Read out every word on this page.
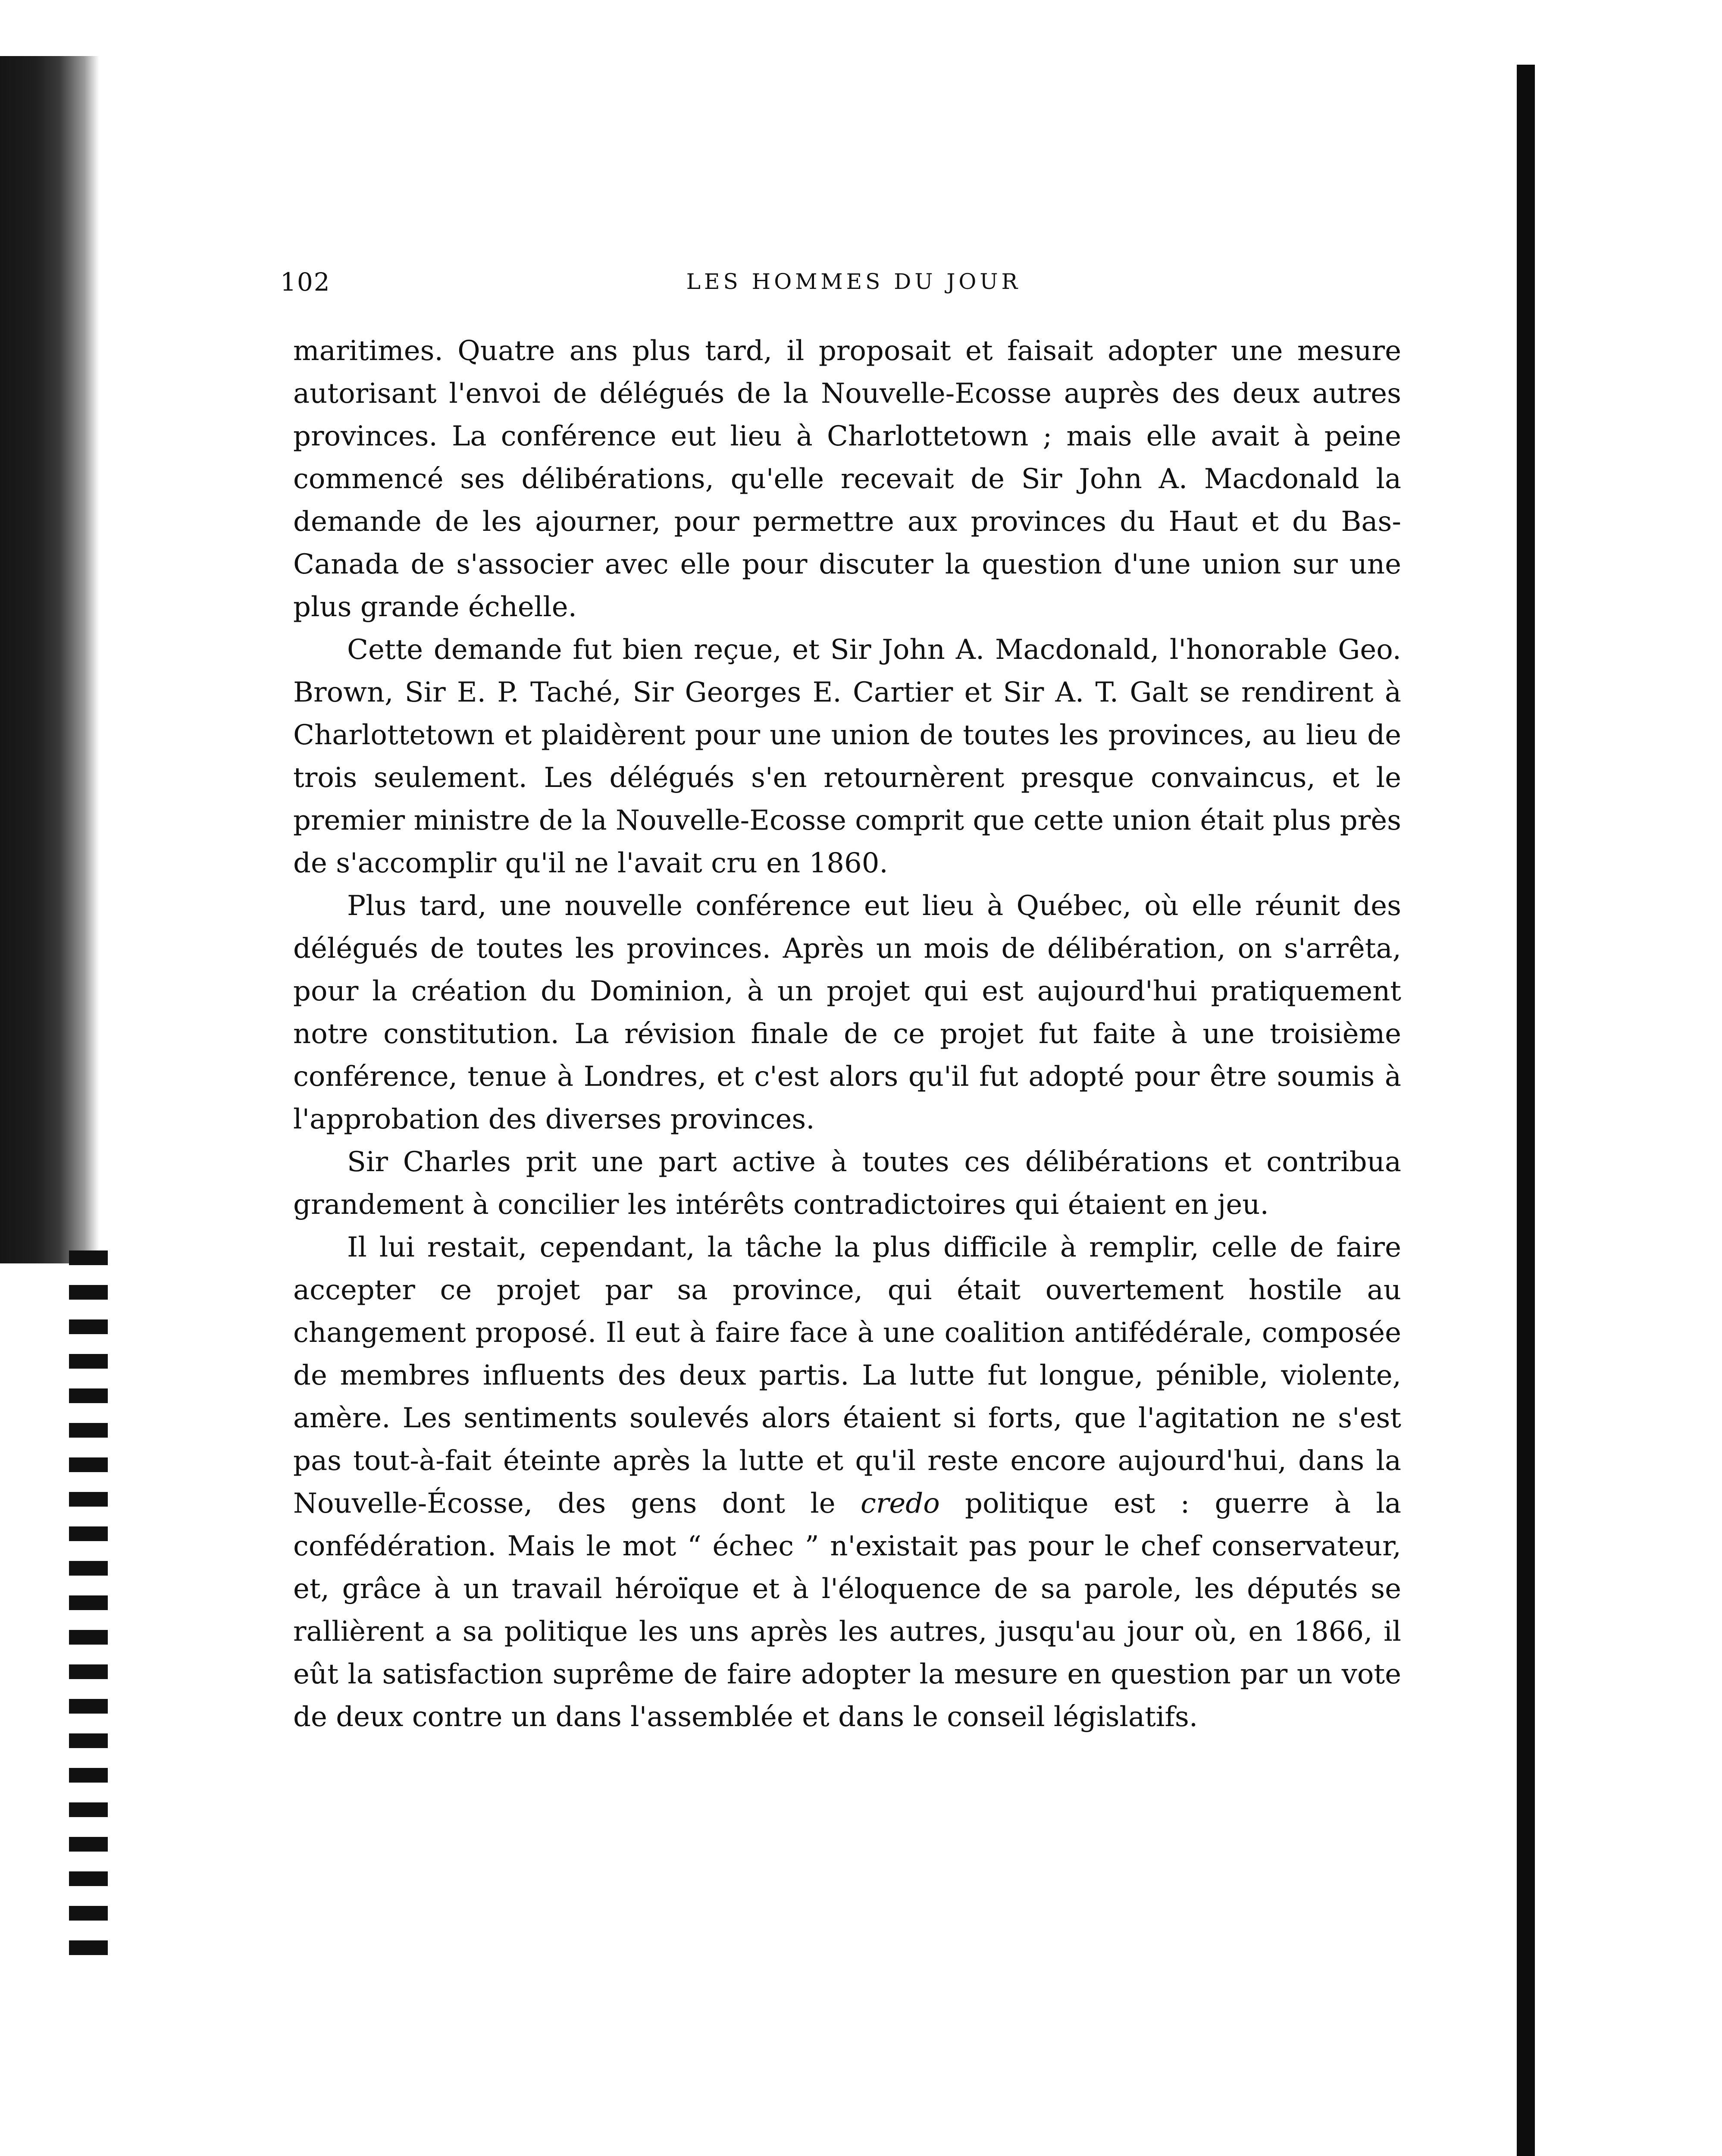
102	LES HOMMES DU JOUR

maritimes. Quatre ans plus tard, il proposait et faisait adopter une mesure autorisant l'envoi de délégués de la Nouvelle-Ecosse auprès des deux autres provinces. La conférence eut lieu à Charlottetown ; mais elle avait à peine commencé ses délibérations, qu'elle recevait de Sir John A. Macdonald la demande de les ajourner, pour permettre aux provinces du Haut et du Bas-Canada de s'associer avec elle pour discuter la question d'une union sur une plus grande échelle.

Cette demande fut bien reçue, et Sir John A. Macdonald, l'honorable Geo. Brown, Sir E. P. Taché, Sir Georges E. Cartier et Sir A. T. Galt se rendirent à Charlottetown et plaidèrent pour une union de toutes les provinces, au lieu de trois seulement. Les délégués s'en retournèrent presque convaincus, et le premier ministre de la Nouvelle-Ecosse comprit que cette union était plus près de s'accomplir qu'il ne l'avait cru en 1860.

Plus tard, une nouvelle conférence eut lieu à Québec, où elle réunit des délégués de toutes les provinces. Après un mois de délibération, on s'arrêta, pour la création du Dominion, à un projet qui est aujourd'hui pratiquement notre constitution. La révision finale de ce projet fut faite à une troisième conférence, tenue à Londres, et c'est alors qu'il fut adopté pour être soumis à l'approbation des diverses provinces.

Sir Charles prit une part active à toutes ces délibérations et contribua grandement à concilier les intérêts contradictoires qui étaient en jeu.

Il lui restait, cependant, la tâche la plus difficile à remplir, celle de faire accepter ce projet par sa province, qui était ouvertement hostile au changement proposé. Il eut à faire face à une coalition antifédérale, composée de membres influents des deux partis. La lutte fut longue, pénible, violente, amère. Les sentiments soulevés alors étaient si forts, que l'agitation ne s'est pas tout-à-fait éteinte après la lutte et qu'il reste encore aujourd'hui, dans la Nouvelle-Écosse, des gens dont le credo politique est : guerre à la confédération. Mais le mot “ échec ” n'existait pas pour le chef conservateur, et, grâce à un travail héroïque et à l'éloquence de sa parole, les députés se rallièrent a sa politique les uns après les autres, jusqu'au jour où, en 1866, il eût la satisfaction suprême de faire adopter la mesure en question par un vote de deux contre un dans l'assemblée et dans le conseil législatifs.
